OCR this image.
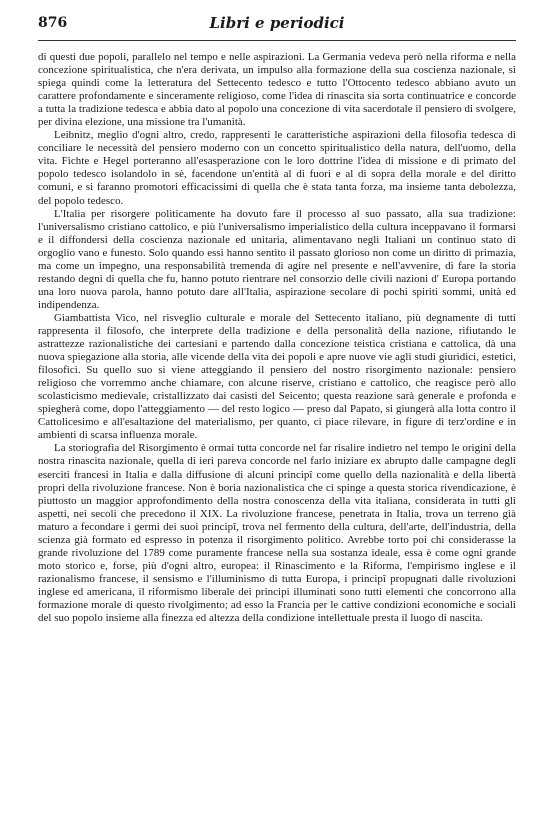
876	Libri e periodici

di questi due popoli, parallelo nel tempo e nelle aspirazioni. La Germania vedeva però nella riforma e nella concezione spiritualistica, che n'era derivata, un impulso alla formazione della sua coscienza nazionale, si spiega quindi come la letteratura del Settecento tedesco e tutto l'Ottocento tedesco abbiano avuto un carattere profondamente e sinceramente religioso, come l'idea di rinascita sia sorta continuatrice e concorde a tutta la tradizione tedesca e abbia dato al popolo una concezione di vita sacerdotale il pensiero di svolgere, per divina elezione, una missione tra l'umanità.

Leibnitz, meglio d'ogni altro, credo, rappresenti le caratteristiche aspirazioni della filosofia tedesca di conciliare le necessità del pensiero moderno con un concetto spiritualistico della natura, dell'uomo, della vita. Fichte e Hegel porteranno all'esasperazione con le loro dottrine l'idea di missione e di primato del popolo tedesco isolandolo in sè, facendone un'entità al di fuori e al di sopra della morale e del diritto comuni, e si faranno promotori efficacissimi di quella che è stata tanta forza, ma insieme tanta debolezza, del popolo tedesco.

L'Italia per risorgere politicamente ha dovuto fare il processo al suo passato, alla sua tradizione: l'universalismo cristiano cattolico, e più l'universalismo imperialistico della cultura inceppavano il formarsi e il diffondersi della coscienza nazionale ed unitaria, alimentavano negli Italiani un continuo stato di orgoglio vano e funesto. Solo quando essi hanno sentito il passato glorioso non come un diritto di primazia, ma come un impegno, una responsabilità tremenda di agire nel presente e nell'avvenire, di fare la storia restando degni di quella che fu, hanno potuto rientrare nel consorzio delle civili nazioni d' Europa portando una loro nuova parola, hanno potuto dare all'Italia, aspirazione secolare di pochi spiriti sommi, unità ed indipendenza.

Giambattista Vico, nel risveglio culturale e morale del Settecento italiano, più degnamente di tutti rappresenta il filosofo, che interprete della tradizione e della personalità della nazione, rifiutando le astrattezze razionalistiche dei cartesiani e partendo dalla concezione teistica cristiana e cattolica, dà una nuova spiegazione alla storia, alle vicende della vita dei popoli e apre nuove vie agli studi giuridici, estetici, filosofici. Su quello suo si viene atteggiando il pensiero del nostro risorgimento nazionale: pensiero religioso che vorremmo anche chiamare, con alcune riserve, cristiano e cattolico, che reagisce però allo scolasticismo medievale, cristallizzato dai casisti del Seicento; questa reazione sarà generale e profonda e spiegherà come, dopo l'atteggiamento — del resto logico — preso dal Papato, si giungerà alla lotta contro il Cattolicesimo e all'esaltazione del materialismo, per quanto, ci piace rilevare, in figure di terz'ordine e in ambienti di scarsa influenza morale.

La storiografia del Risorgimento è ormai tutta concorde nel far risalire indietro nel tempo le origini della nostra rinascita nazionale, quella di ieri pareva concorde nel farlo iniziare ex abrupto dalle campagne degli eserciti francesi in Italia e dalla diffusione di alcuni principî come quello della nazionalità e della libertà propri della rivoluzione francese. Non è boria nazionalistica che ci spinge a questa storica rivendicazione, è piuttosto un maggior approfondimento della nostra conoscenza della vita italiana, considerata in tutti gli aspetti, nei secoli che precedono il XIX. La rivoluzione francese, penetrata in Italia, trova un terreno già maturo a fecondare i germi dei suoi principî, trova nel fermento della cultura, dell'arte, dell'industria, della scienza già formato ed espresso in potenza il risorgimento politico. Avrebbe torto poi chi considerasse la grande rivoluzione del 1789 come puramente francese nella sua sostanza ideale, essa è come ogni grande moto storico e, forse, più d'ogni altro, europea: il Rinascimento e la Riforma, l'empirismo inglese e il razionalismo francese, il sensismo e l'illuminismo di tutta Europa, i principî propugnati dalle rivoluzioni inglese ed americana, il riformismo liberale dei principi illuminati sono tutti elementi che concorrono alla formazione morale di questo rivolgimento; ad esso la Francia per le cattive condizioni economiche e sociali del suo popolo insieme alla finezza ed altezza della condizione intellettuale presta il luogo di nascita.
